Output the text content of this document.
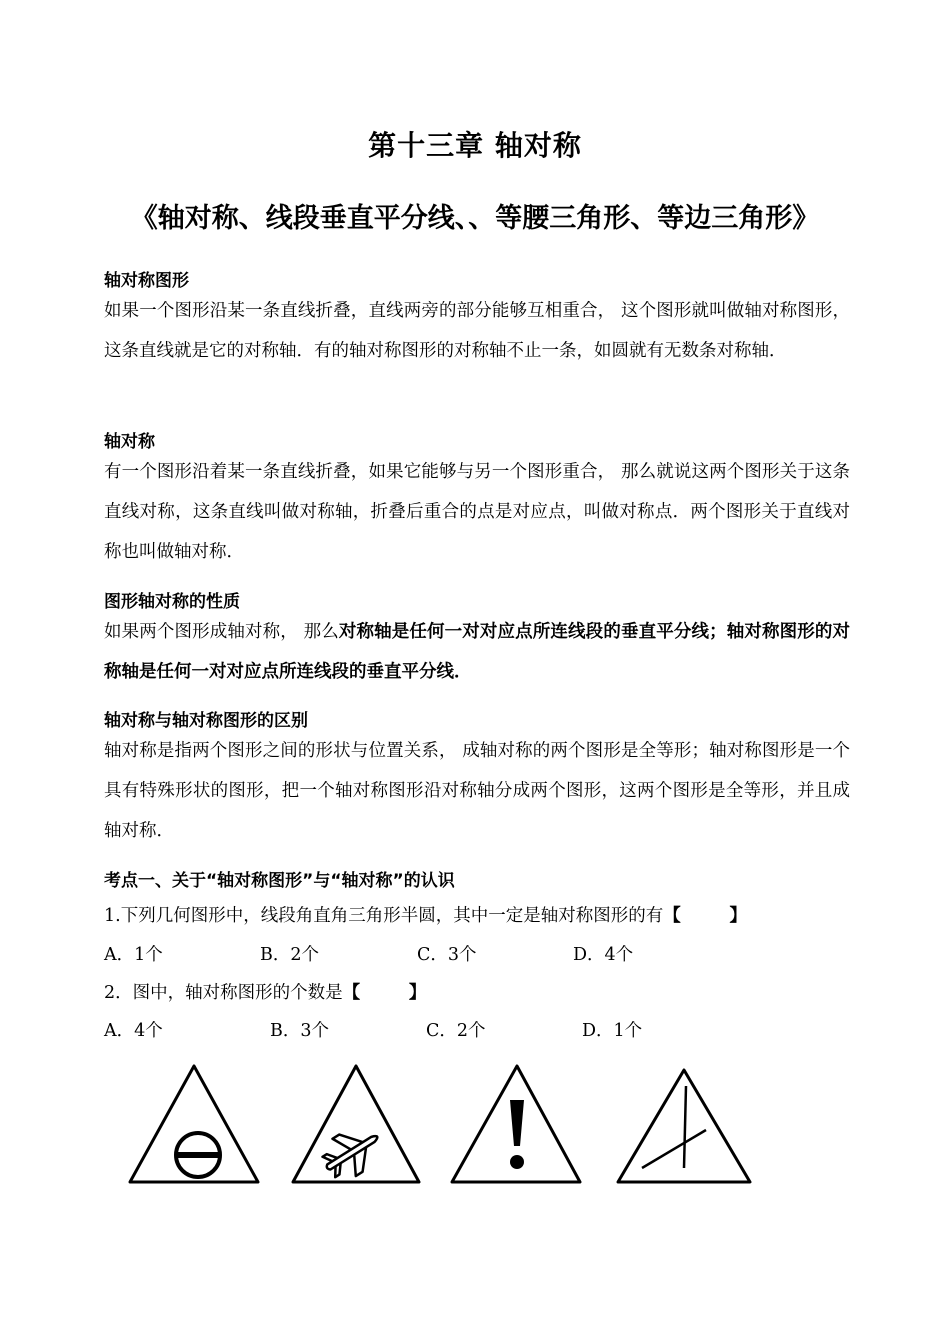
第十三章 轴对称
《轴对称、线段垂直平分线、、等腰三角形、等边三角形》
轴对称图形
如果一个图形沿某一条直线折叠，直线两旁的部分能够互相重合， 这个图形就叫做轴对称图形，这条直线就是它的对称轴．有的轴对称图形的对称轴不止一条，如圆就有无数条对称轴．
轴对称
有一个图形沿着某一条直线折叠，如果它能够与另一个图形重合， 那么就说这两个图形关于这条直线对称，这条直线叫做对称轴，折叠后重合的点是对应点，叫做对称点．两个图形关于直线对称也叫做轴对称．
图形轴对称的性质
如果两个图形成轴对称， 那么对称轴是任何一对对应点所连线段的垂直平分线；轴对称图形的对称轴是任何一对对应点所连线段的垂直平分线．
轴对称与轴对称图形的区别
轴对称是指两个图形之间的形状与位置关系， 成轴对称的两个图形是全等形；轴对称图形是一个具有特殊形状的图形，把一个轴对称图形沿对称轴分成两个图形，这两个图形是全等形，并且成轴对称．
考点一、关于“轴对称图形”与“轴对称”的认识
1.下列几何图形中，线段角直角三角形半圆，其中一定是轴对称图形的有【        】
A．1个	B．2个	C．3个	D．4个
2．图中，轴对称图形的个数是【        】
A．4个	B．3个	C．2个	D．1个
